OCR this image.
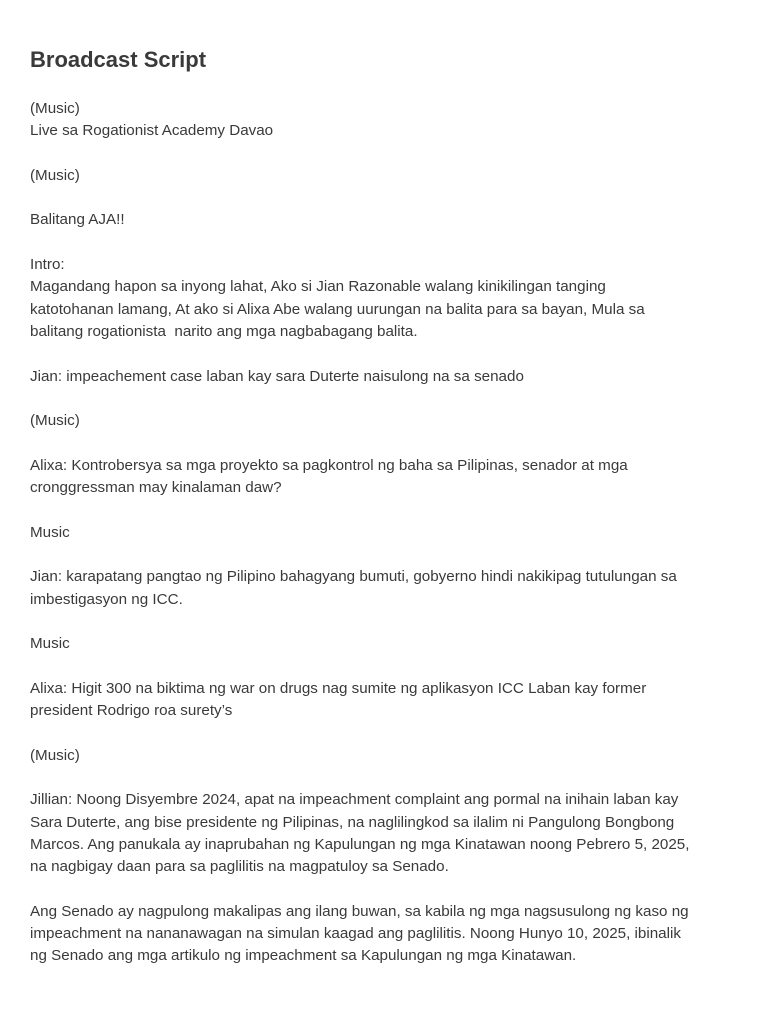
Broadcast Script

(Music)

Live sa Rogationist Academy Davao

(Music)

Balitang AJA!!

Intro:

Magandang hapon sa inyong lahat, Ako si Jian Razonable walang kinikilingan tanging

katotohanan lamang, At ako si Alixa Abe walang uurungan na balita para sa bayan, Mula sa

balitang rogationista  narito ang mga nagbabagang balita.

Jian: impeachement case laban kay sara Duterte naisulong na sa senado

(Music)

Alixa: Kontrobersya sa mga proyekto sa pagkontrol ng baha sa Pilipinas, senador at mga

cronggressman may kinalaman daw?

Music

Jian: karapatang pangtao ng Pilipino bahagyang bumuti, gobyerno hindi nakikipag tutulungan sa

imbestigasyon ng ICC.

Music

Alixa: Higit 300 na biktima ng war on drugs nag sumite ng aplikasyon ICC Laban kay former

president Rodrigo roa surety’s

(Music)

Jillian: Noong Disyembre 2024, apat na impeachment complaint ang pormal na inihain laban kay

Sara Duterte, ang bise presidente ng Pilipinas, na naglilingkod sa ilalim ni Pangulong Bongbong

Marcos. Ang panukala ay inaprubahan ng Kapulungan ng mga Kinatawan noong Pebrero 5, 2025,

na nagbigay daan para sa paglilitis na magpatuloy sa Senado.

Ang Senado ay nagpulong makalipas ang ilang buwan, sa kabila ng mga nagsusulong ng kaso ng

impeachment na nananawagan na simulan kaagad ang paglilitis. Noong Hunyo 10, 2025, ibinalik

ng Senado ang mga artikulo ng impeachment sa Kapulungan ng mga Kinatawan.
